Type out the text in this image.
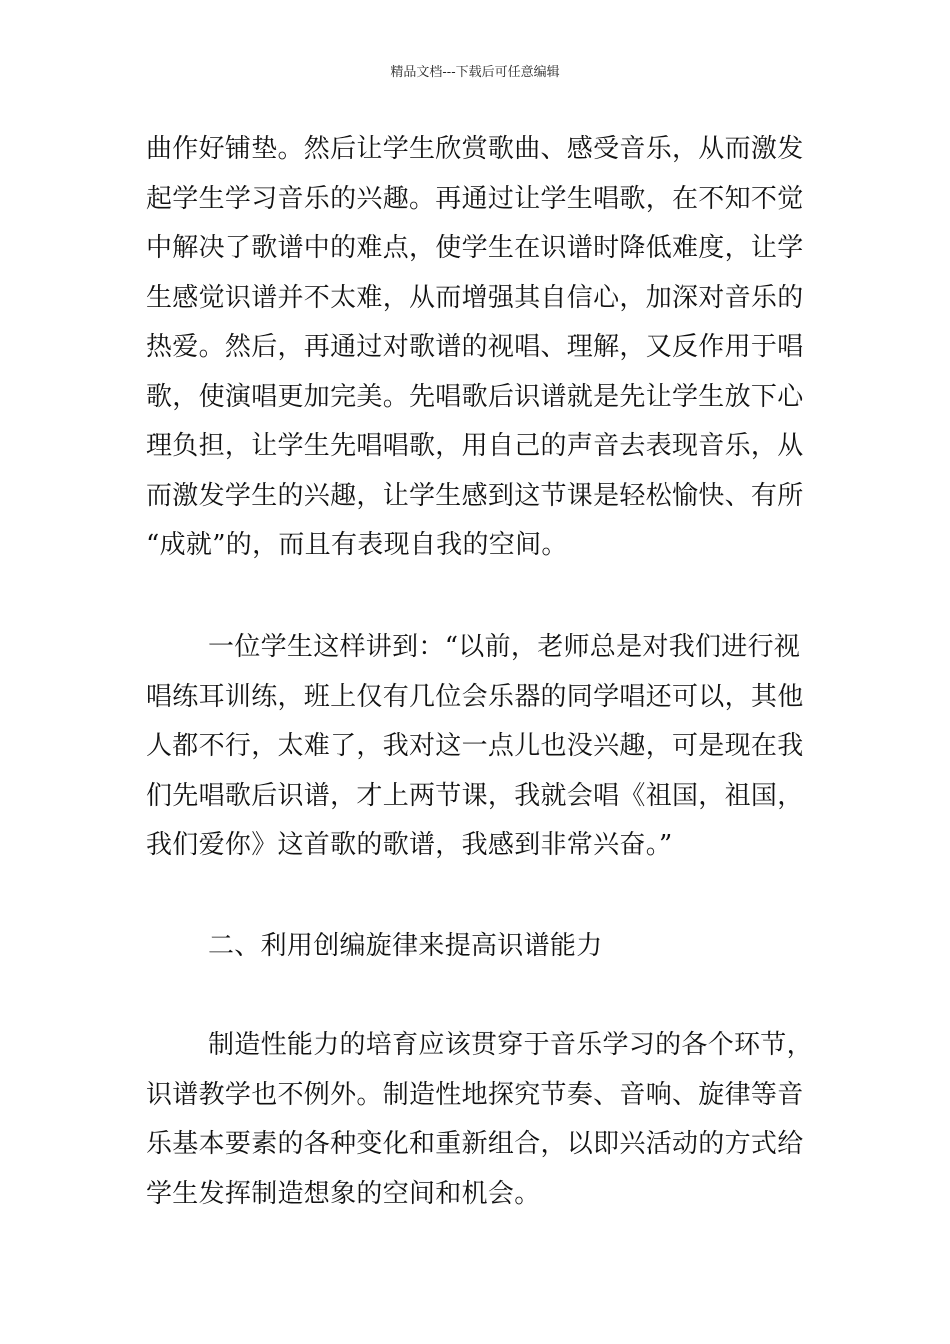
精品文档---下载后可任意编辑
曲作好铺垫。然后让学生欣赏歌曲、感受音乐，从而激发
起学生学习音乐的兴趣。再通过让学生唱歌，在不知不觉
中解决了歌谱中的难点，使学生在识谱时降低难度，让学
生感觉识谱并不太难，从而增强其自信心，加深对音乐的
热爱。然后，再通过对歌谱的视唱、理解，又反作用于唱
歌，使演唱更加完美。先唱歌后识谱就是先让学生放下心
理负担，让学生先唱唱歌，用自己的声音去表现音乐，从
而激发学生的兴趣，让学生感到这节课是轻松愉快、有所
“成就”的，而且有表现自我的空间。
一位学生这样讲到：“以前，老师总是对我们进行视
唱练耳训练，班上仅有几位会乐器的同学唱还可以，其他
人都不行，太难了，我对这一点儿也没兴趣，可是现在我
们先唱歌后识谱，才上两节课，我就会唱《祖国，祖国，
我们爱你》这首歌的歌谱，我感到非常兴奋。”
二、利用创编旋律来提高识谱能力
制造性能力的培育应该贯穿于音乐学习的各个环节，
识谱教学也不例外。制造性地探究节奏、音响、旋律等音
乐基本要素的各种变化和重新组合，以即兴活动的方式给
学生发挥制造想象的空间和机会。
